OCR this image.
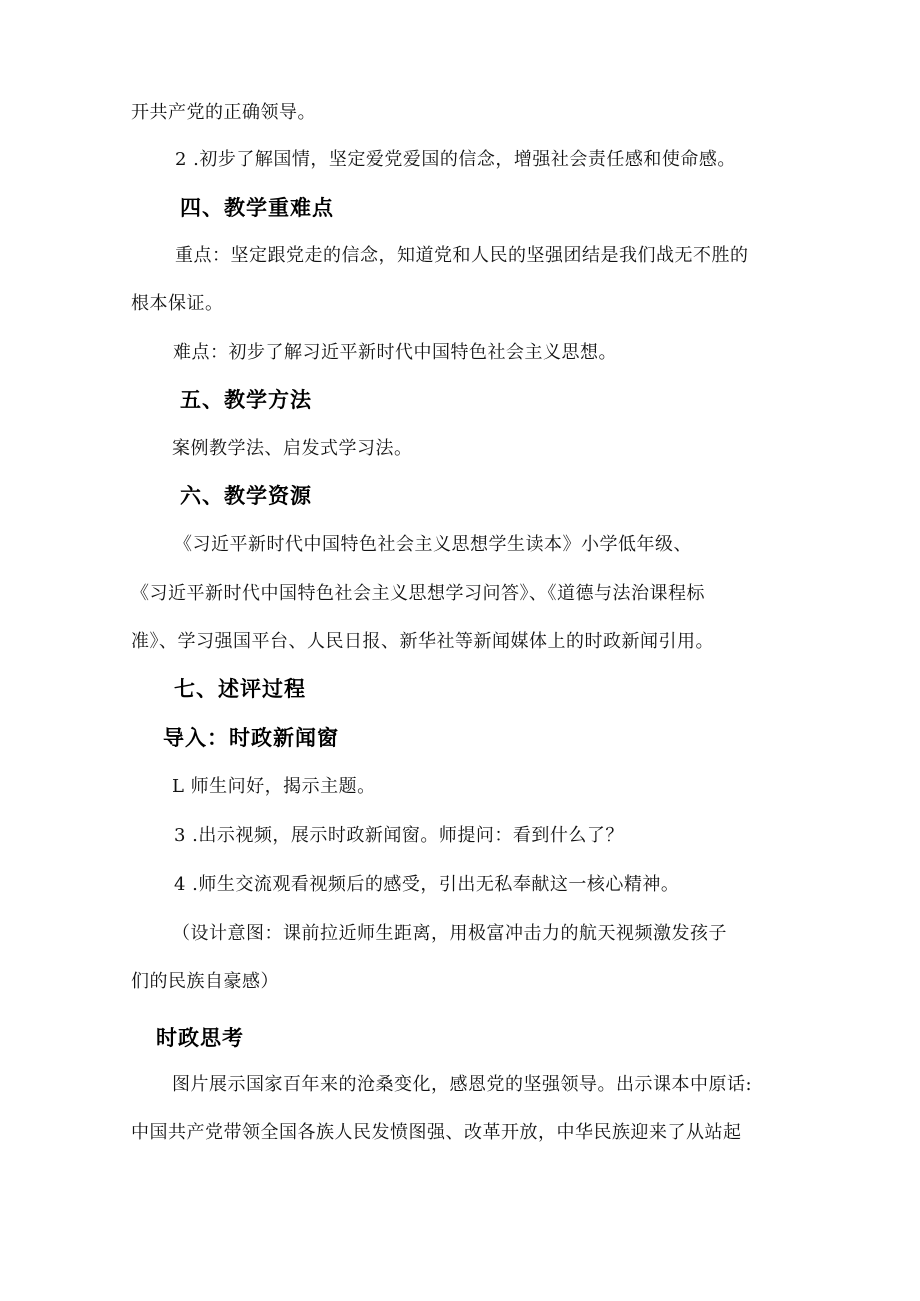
开共产党的正确领导。
2 .初步了解国情，坚定爱党爱国的信念，增强社会责任感和使命感。
四、教学重难点
重点：坚定跟党走的信念，知道党和人民的坚强团结是我们战无不胜的
根本保证。
难点：初步了解习近平新时代中国特色社会主义思想。
五、教学方法
案例教学法、启发式学习法。
六、教学资源
《习近平新时代中国特色社会主义思想学生读本》小学低年级、
《习近平新时代中国特色社会主义思想学习问答》、《道德与法治课程标
准》、学习强国平台、人民日报、新华社等新闻媒体上的时政新闻引用。
七、述评过程
导入：时政新闻窗
L 师生问好，揭示主题。
3 .出示视频，展示时政新闻窗。师提问：看到什么了？
4 .师生交流观看视频后的感受，引出无私奉献这一核心精神。
（设计意图：课前拉近师生距离，用极富冲击力的航天视频激发孩子
们的民族自豪感）
时政思考
图片展示国家百年来的沧桑变化，感恩党的坚强领导。出示课本中原话:
中国共产党带领全国各族人民发愤图强、改革开放，中华民族迎来了从站起
